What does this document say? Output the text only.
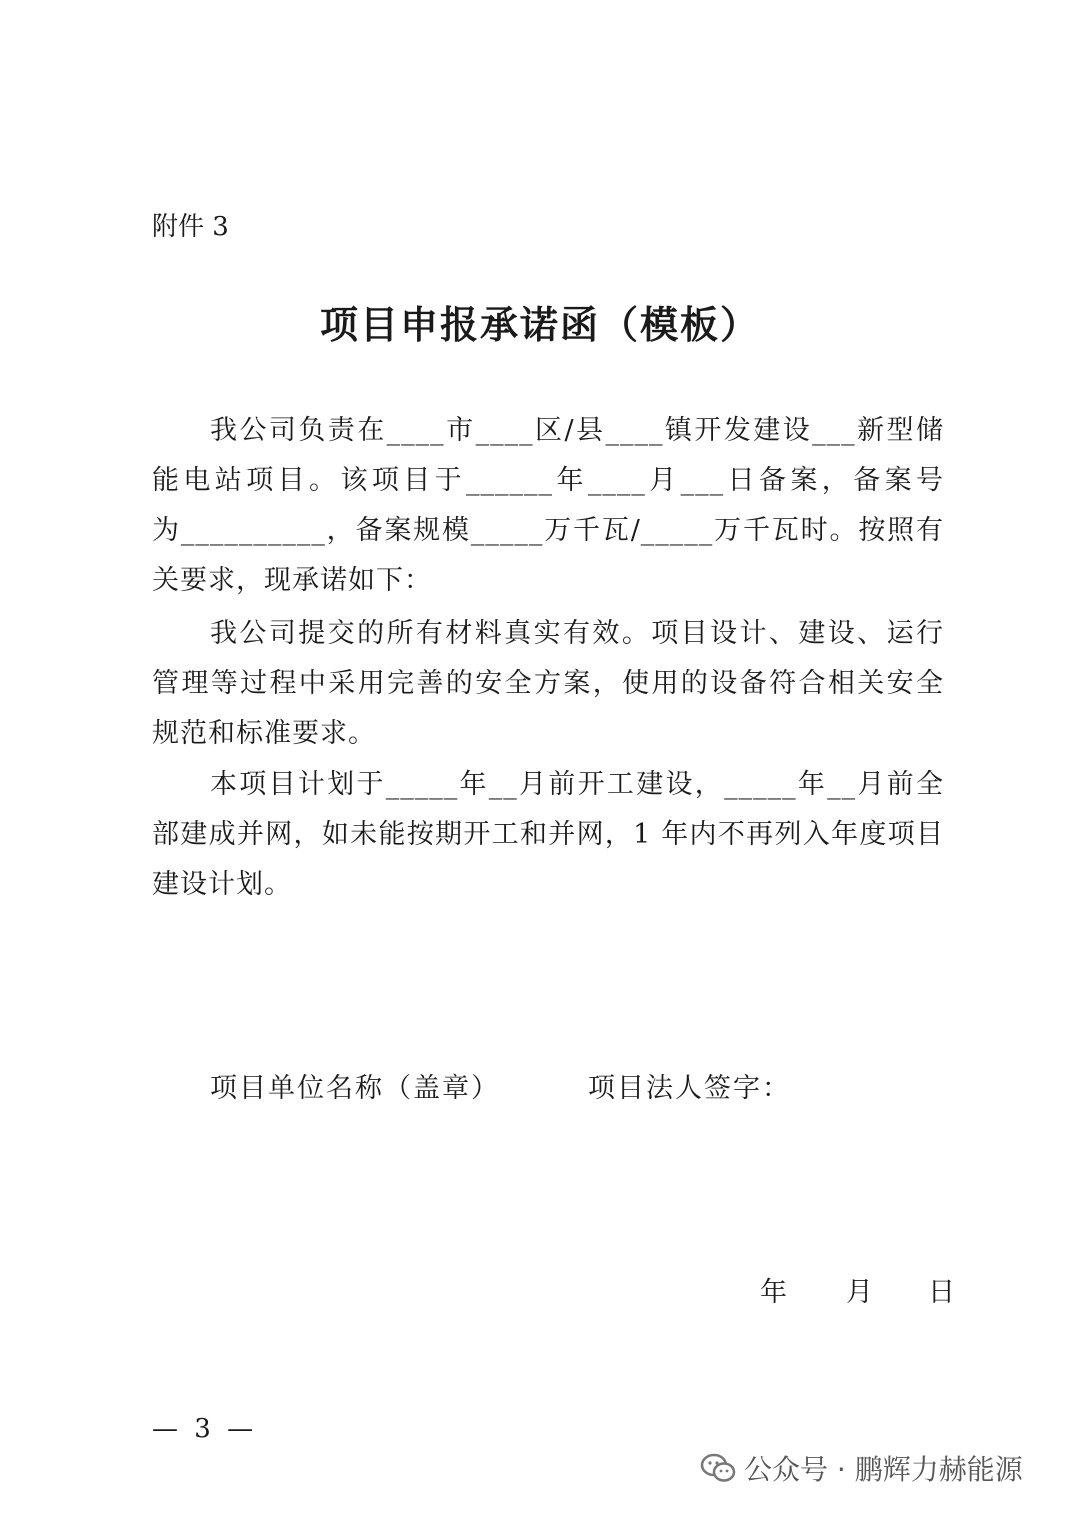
附件 3
项目申报承诺函（模板）
我公司负责在____市____区/县____镇开发建设___新型储
能电站项目。该项目于______年____月___日备案，备案号
为__________，备案规模_____万千瓦/_____万千瓦时。按照有
关要求，现承诺如下：
我公司提交的所有材料真实有效。项目设计、建设、运行
管理等过程中采用完善的安全方案，使用的设备符合相关安全
规范和标准要求。
本项目计划于_____年__月前开工建设，_____年__月前全
部建成并网，如未能按期开工和并网，1 年内不再列入年度项目
建设计划。
项目单位名称（盖章）	项目法人签字：
年 月 日
— 3 —
公众号 · 鹏辉力赫能源
